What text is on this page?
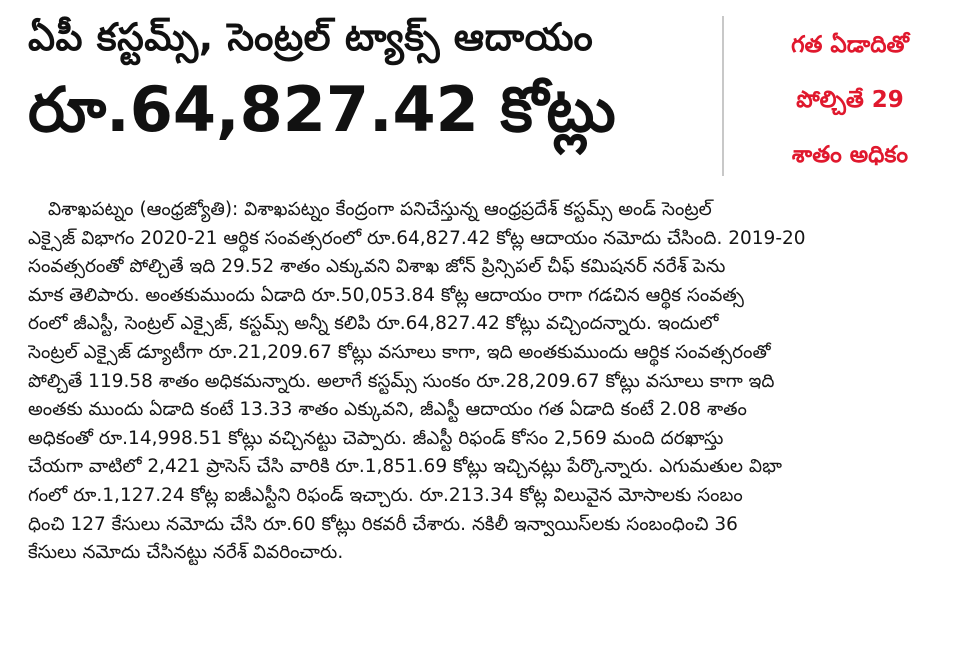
ఏపీ కస్టమ్స్‌, సెంట్రల్‌ ట్యాక్స్‌ ఆదాయం
రూ.64,827.42 కోట్లు
గత ఏడాదితో
పోల్చితే 29
శాతం అధికం
విశాఖపట్నం (ఆంధ్రజ్యోతి): విశాఖపట్నం కేంద్రంగా పనిచేస్తున్న ఆంధ్రప్రదేశ్‌ కస్టమ్స్‌ అండ్‌ సెంట్రల్‌
ఎక్సైజ్‌ విభాగం 2020-21 ఆర్థిక సంవత్సరంలో రూ.64,827.42 కోట్ల ఆదాయం నమోదు చేసింది. 2019-20
సంవత్సరంతో పోల్చితే ఇది 29.52 శాతం ఎక్కువని విశాఖ జోన్‌ ప్రిన్సిపల్‌ చీఫ్‌ కమిషనర్‌ నరేశ్‌ పెను
మాక తెలిపారు. అంతకుముందు ఏడాది రూ.50,053.84 కోట్ల ఆదాయం రాగా గడచిన ఆర్థిక సంవత్స
రంలో జీఎస్టీ, సెంట్రల్‌ ఎక్సైజ్‌, కస్టమ్స్‌ అన్నీ కలిపి రూ.64,827.42 కోట్లు వచ్చిందన్నారు. ఇందులో
సెంట్రల్‌ ఎక్సైజ్‌ డ్యూటీగా రూ.21,209.67 కోట్లు వసూలు కాగా, ఇది అంతకుముందు ఆర్థిక సంవత్సరంతో
పోల్చితే 119.58 శాతం అధికమన్నారు. అలాగే కస్టమ్స్‌ సుంకం రూ.28,209.67 కోట్లు వసూలు కాగా ఇది
అంతకు ముందు ఏడాది కంటే 13.33 శాతం ఎక్కువని, జీఎస్టీ ఆదాయం గత ఏడాది కంటే 2.08 శాతం
అధికంతో రూ.14,998.51 కోట్లు వచ్చినట్టు చెప్పారు. జీఎస్టీ రిఫండ్‌ కోసం 2,569 మంది దరఖాస్తు
చేయగా వాటిలో 2,421 ప్రాసెస్‌ చేసి వారికి రూ.1,851.69 కోట్లు ఇచ్చినట్లు పేర్కొన్నారు. ఎగుమతుల విభా
గంలో రూ.1,127.24 కోట్ల ఐజీఎస్టీని రిఫండ్‌ ఇచ్చారు. రూ.213.34 కోట్ల విలువైన మోసాలకు సంబం
ధించి 127 కేసులు నమోదు చేసి రూ.60 కోట్లు రికవరీ చేశారు. నకిలీ ఇన్వాయిస్‌లకు సంబంధించి 36
కేసులు నమోదు చేసినట్టు నరేశ్‌ వివరించారు.
